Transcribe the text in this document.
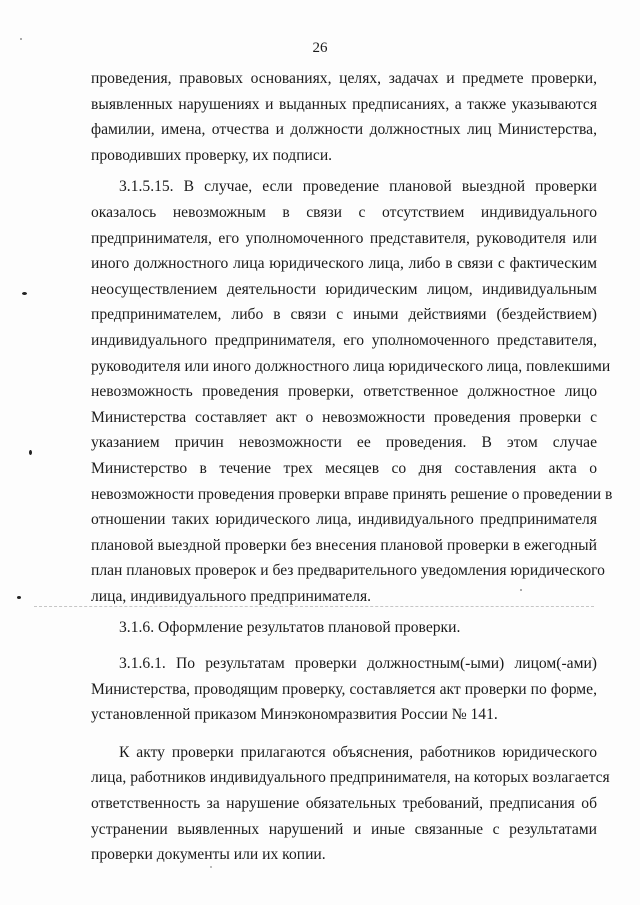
26
проведения, правовых основаниях, целях, задачах и предмете проверки,
выявленных нарушениях и выданных предписаниях, а также указываются
фамилии, имена, отчества и должности должностных лиц Министерства,
проводивших проверку, их подписи.
3.1.5.15. В случае, если проведение плановой выездной проверки
оказалось невозможным в связи с отсутствием индивидуального
предпринимателя, его уполномоченного представителя, руководителя или
иного должностного лица юридического лица, либо в связи с фактическим
неосуществлением деятельности юридическим лицом, индивидуальным
предпринимателем, либо в связи с иными действиями (бездействием)
индивидуального предпринимателя, его уполномоченного представителя,
руководителя или иного должностного лица юридического лица, повлекшими
невозможность проведения проверки, ответственное должностное лицо
Министерства составляет акт о невозможности проведения проверки с
указанием причин невозможности ее проведения. В этом случае
Министерство в течение трех месяцев со дня составления акта о
невозможности проведения проверки вправе принять решение о проведении в
отношении таких юридического лица, индивидуального предпринимателя
плановой выездной проверки без внесения плановой проверки в ежегодный
план плановых проверок и без предварительного уведомления юридического
лица, индивидуального предпринимателя.
3.1.6. Оформление результатов плановой проверки.
3.1.6.1. По результатам проверки должностным(-ыми) лицом(-ами)
Министерства, проводящим проверку, составляется акт проверки по форме,
установленной приказом Минэкономразвития России № 141.
К акту проверки прилагаются объяснения, работников юридического
лица, работников индивидуального предпринимателя, на которых возлагается
ответственность за нарушение обязательных требований, предписания об
устранении выявленных нарушений и иные связанные с результатами
проверки документы или их копии.
